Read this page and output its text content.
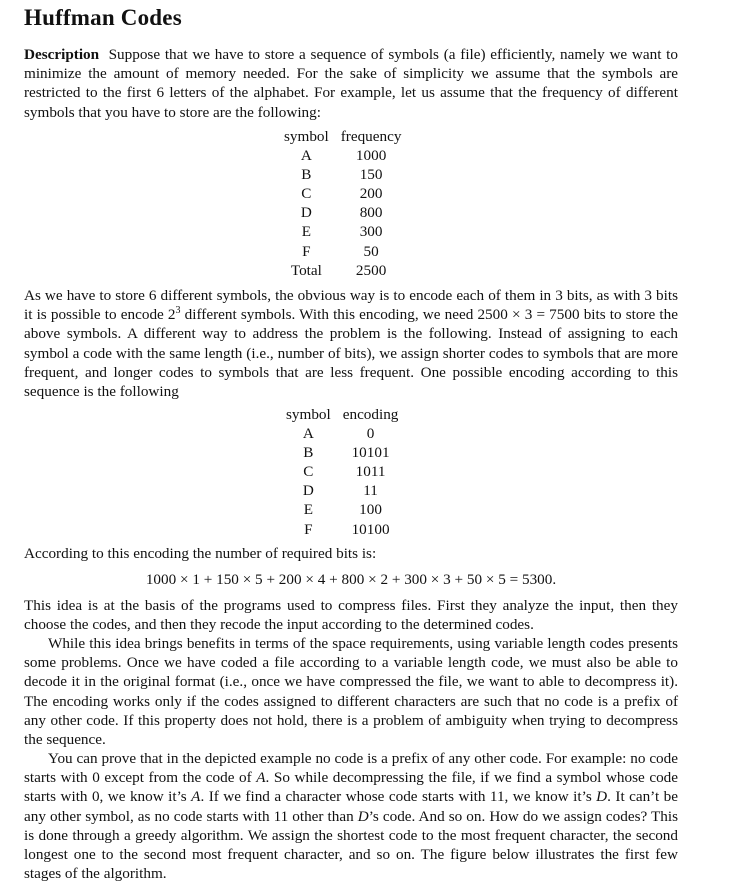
Huffman Codes

Description Suppose that we have to store a sequence of symbols (a file) efficiently, namely we want to minimize the amount of memory needed. For the sake of simplicity we assume that the symbols are restricted to the first 6 letters of the alphabet. For example, let us assume that the frequency of different symbols that you have to store are the following:

symbol	frequency
A	1000
B	150
C	200
D	800
E	300
F	50
Total	2500

As we have to store 6 different symbols, the obvious way is to encode each of them in 3 bits, as with 3 bits it is possible to encode $2^3$ different symbols. With this encoding, we need 2500 × 3 = 7500 bits to store the above symbols. A different way to address the problem is the following. Instead of assigning to each symbol a code with the same length (i.e., number of bits), we assign shorter codes to symbols that are more frequent, and longer codes to symbols that are less frequent. One possible encoding according to this sequence is the following

symbol	encoding
A	0
B	10101
C	1011
D	11
E	100
F	10100

According to this encoding the number of required bits is:

1000 × 1 + 150 × 5 + 200 × 4 + 800 × 2 + 300 × 3 + 50 × 5 = 5300.

This idea is at the basis of the programs used to compress files. First they analyze the input, then they choose the codes, and then they recode the input according to the determined codes.

While this idea brings benefits in terms of the space requirements, using variable length codes presents some problems. Once we have coded a file according to a variable length code, we must also be able to decode it in the original format (i.e., once we have compressed the file, we want to able to decompress it). The encoding works only if the codes assigned to different characters are such that no code is a prefix of any other code. If this property does not hold, there is a problem of ambiguity when trying to decompress the sequence.

You can prove that in the depicted example no code is a prefix of any other code. For example: no code starts with 0 except from the code of A. So while decompressing the file, if we find a symbol whose code starts with 0, we know it’s A. If we find a character whose code starts with 11, we know it’s D. It can’t be any other symbol, as no code starts with 11 other than D’s code. And so on. How do we assign codes? This is done through a greedy algorithm. We assign the shortest code to the most frequent character, the second longest one to the second most frequent character, and so on. The figure below illustrates the first few stages of the algorithm.
